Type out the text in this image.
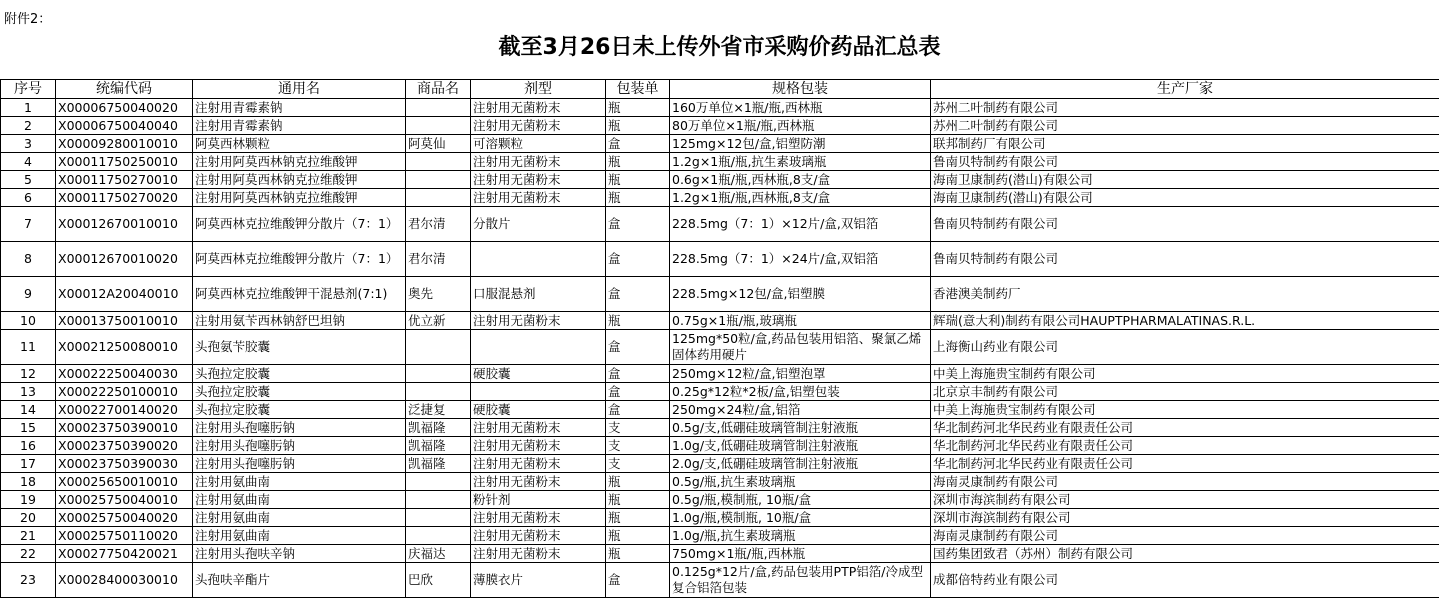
附件2：
截至3月26日未上传外省市采购价药品汇总表
序号	统编代码	通用名	商品名	剂型	包装单	规格包装	生产厂家
1	X00006750040020	注射用青霉素钠		注射用无菌粉末	瓶	160万单位×1瓶/瓶,西林瓶	苏州二叶制药有限公司
2	X00006750040040	注射用青霉素钠		注射用无菌粉末	瓶	80万单位×1瓶/瓶,西林瓶	苏州二叶制药有限公司
3	X00009280010010	阿莫西林颗粒	阿莫仙	可溶颗粒	盒	125mg×12包/盒,铝塑防潮	联邦制药厂有限公司
4	X00011750250010	注射用阿莫西林钠克拉维酸钾		注射用无菌粉末	瓶	1.2g×1瓶/瓶,抗生素玻璃瓶	鲁南贝特制药有限公司
5	X00011750270010	注射用阿莫西林钠克拉维酸钾		注射用无菌粉末	瓶	0.6g×1瓶/瓶,西林瓶,8支/盒	海南卫康制药(潜山)有限公司
6	X00011750270020	注射用阿莫西林钠克拉维酸钾		注射用无菌粉末	瓶	1.2g×1瓶/瓶,西林瓶,8支/盒	海南卫康制药(潜山)有限公司
7	X00012670010010	阿莫西林克拉维酸钾分散片（7：1）	君尔清	分散片	盒	228.5mg（7：1）×12片/盒,双铝箔	鲁南贝特制药有限公司
8	X00012670010020	阿莫西林克拉维酸钾分散片（7：1）	君尔清		盒	228.5mg（7：1）×24片/盒,双铝箔	鲁南贝特制药有限公司
9	X00012A20040010	阿莫西林克拉维酸钾干混悬剂(7:1)	奥先	口服混悬剂	盒	228.5mg×12包/盒,铝塑膜	香港澳美制药厂
10	X00013750010010	注射用氨苄西林钠舒巴坦钠	优立新	注射用无菌粉末	瓶	0.75g×1瓶/瓶,玻璃瓶	辉瑞(意大利)制药有限公司HAUPTPHARMALATINAS.R.L.
11	X00021250080010	头孢氨苄胶囊			盒	125mg*50粒/盒,药品包装用铝箔、聚氯乙烯固体药用硬片	上海衡山药业有限公司
12	X00022250040030	头孢拉定胶囊		硬胶囊	盒	250mg×12粒/盒,铝塑泡罩	中美上海施贵宝制药有限公司
13	X00022250100010	头孢拉定胶囊			盒	0.25g*12粒*2板/盒,铝塑包装	北京京丰制药有限公司
14	X00022700140020	头孢拉定胶囊	泛捷复	硬胶囊	盒	250mg×24粒/盒,铝箔	中美上海施贵宝制药有限公司
15	X00023750390010	注射用头孢噻肟钠	凯福隆	注射用无菌粉末	支	0.5g/支,低硼硅玻璃管制注射液瓶	华北制药河北华民药业有限责任公司
16	X00023750390020	注射用头孢噻肟钠	凯福隆	注射用无菌粉末	支	1.0g/支,低硼硅玻璃管制注射液瓶	华北制药河北华民药业有限责任公司
17	X00023750390030	注射用头孢噻肟钠	凯福隆	注射用无菌粉末	支	2.0g/支,低硼硅玻璃管制注射液瓶	华北制药河北华民药业有限责任公司
18	X00025650010010	注射用氨曲南		注射用无菌粉末	瓶	0.5g/瓶,抗生素玻璃瓶	海南灵康制药有限公司
19	X00025750040010	注射用氨曲南		粉针剂	瓶	0.5g/瓶,模制瓶, 10瓶/盒	深圳市海滨制药有限公司
20	X00025750040020	注射用氨曲南		注射用无菌粉末	瓶	1.0g/瓶,模制瓶, 10瓶/盒	深圳市海滨制药有限公司
21	X00025750110020	注射用氨曲南		注射用无菌粉末	瓶	1.0g/瓶,抗生素玻璃瓶	海南灵康制药有限公司
22	X00027750420021	注射用头孢呋辛钠	庆福达	注射用无菌粉末	瓶	750mg×1瓶/瓶,西林瓶	国药集团致君（苏州）制药有限公司
23	X00028400030010	头孢呋辛酯片	巴欣	薄膜衣片	盒	0.125g*12片/盒,药品包装用PTP铝箔/冷成型复合铝箔包装	成都倍特药业有限公司
